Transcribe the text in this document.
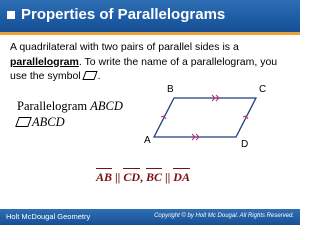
Properties of Parallelograms
A quadrilateral with two pairs of parallel sides is a parallelogram. To write the name of a parallelogram, you use the symbol .
Parallelogram ABCD
ABCD
B	C
A	D
AB || CD, BC || DA
Holt McDougal Geometry	Copyright © by Holt Mc Dougal. All Rights Reserved.
